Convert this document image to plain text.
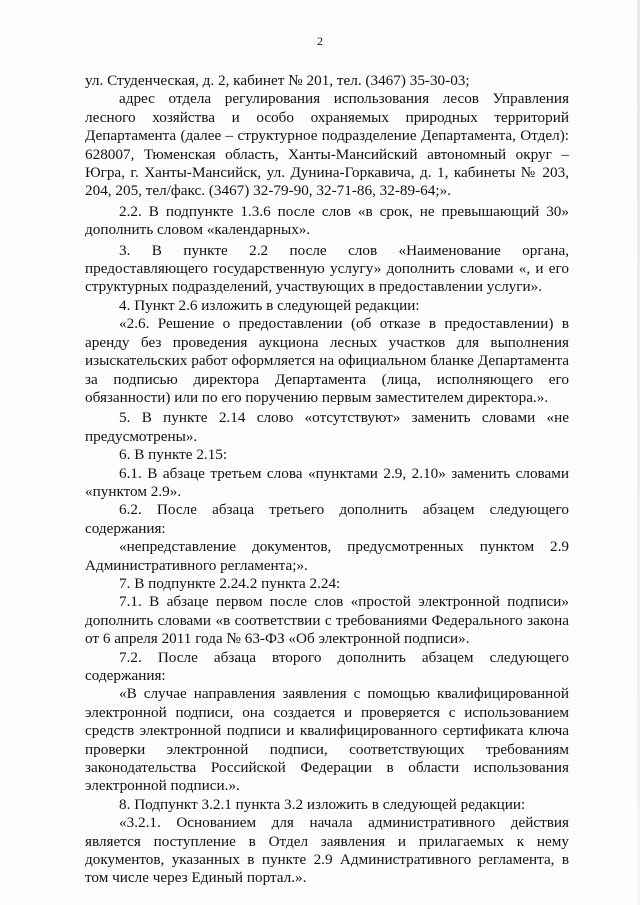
2

ул. Студенческая, д. 2, кабинет № 201, тел. (3467) 35-30-03;

адрес отдела регулирования использования лесов Управления лесного хозяйства и особо охраняемых природных территорий Департамента (далее – структурное подразделение Департамента, Отдел): 628007, Тюменская область, Ханты-Мансийский автономный округ – Югра, г. Ханты-Мансийск, ул. Дунина-Горкавича, д. 1, кабинеты № 203, 204, 205, тел/факс. (3467) 32-79-90, 32-71-86, 32-89-64;».

2.2. В подпункте 1.3.6 после слов «в срок, не превышающий 30» дополнить словом «календарных».

3. В пункте 2.2 после слов «Наименование органа, предоставляющего государственную услугу» дополнить словами «, и его структурных подразделений, участвующих в предоставлении услуги».

4. Пункт 2.6 изложить в следующей редакции:

«2.6. Решение о предоставлении (об отказе в предоставлении) в аренду без проведения аукциона лесных участков для выполнения изыскательских работ оформляется на официальном бланке Департамента за подписью директора Департамента (лица, исполняющего его обязанности) или по его поручению первым заместителем директора.».

5. В пункте 2.14 слово «отсутствуют» заменить словами «не предусмотрены».

6. В пункте 2.15:

6.1. В абзаце третьем слова «пунктами 2.9, 2.10» заменить словами «пунктом 2.9».

6.2. После абзаца третьего дополнить абзацем следующего содержания:

«непредставление документов, предусмотренных пунктом 2.9 Административного регламента;».

7. В подпункте 2.24.2 пункта 2.24:

7.1. В абзаце первом после слов «простой электронной подписи» дополнить словами «в соответствии с требованиями Федерального закона от 6 апреля 2011 года № 63-ФЗ «Об электронной подписи».

7.2. После абзаца второго дополнить абзацем следующего содержания:

«В случае направления заявления с помощью квалифицированной электронной подписи, она создается и проверяется с использованием средств электронной подписи и квалифицированного сертификата ключа проверки электронной подписи, соответствующих требованиям законодательства Российской Федерации в области использования электронной подписи.».

8. Подпункт 3.2.1 пункта 3.2 изложить в следующей редакции:

«3.2.1. Основанием для начала административного действия является поступление в Отдел заявления и прилагаемых к нему документов, указанных в пункте 2.9 Административного регламента, в том числе через Единый портал.».
